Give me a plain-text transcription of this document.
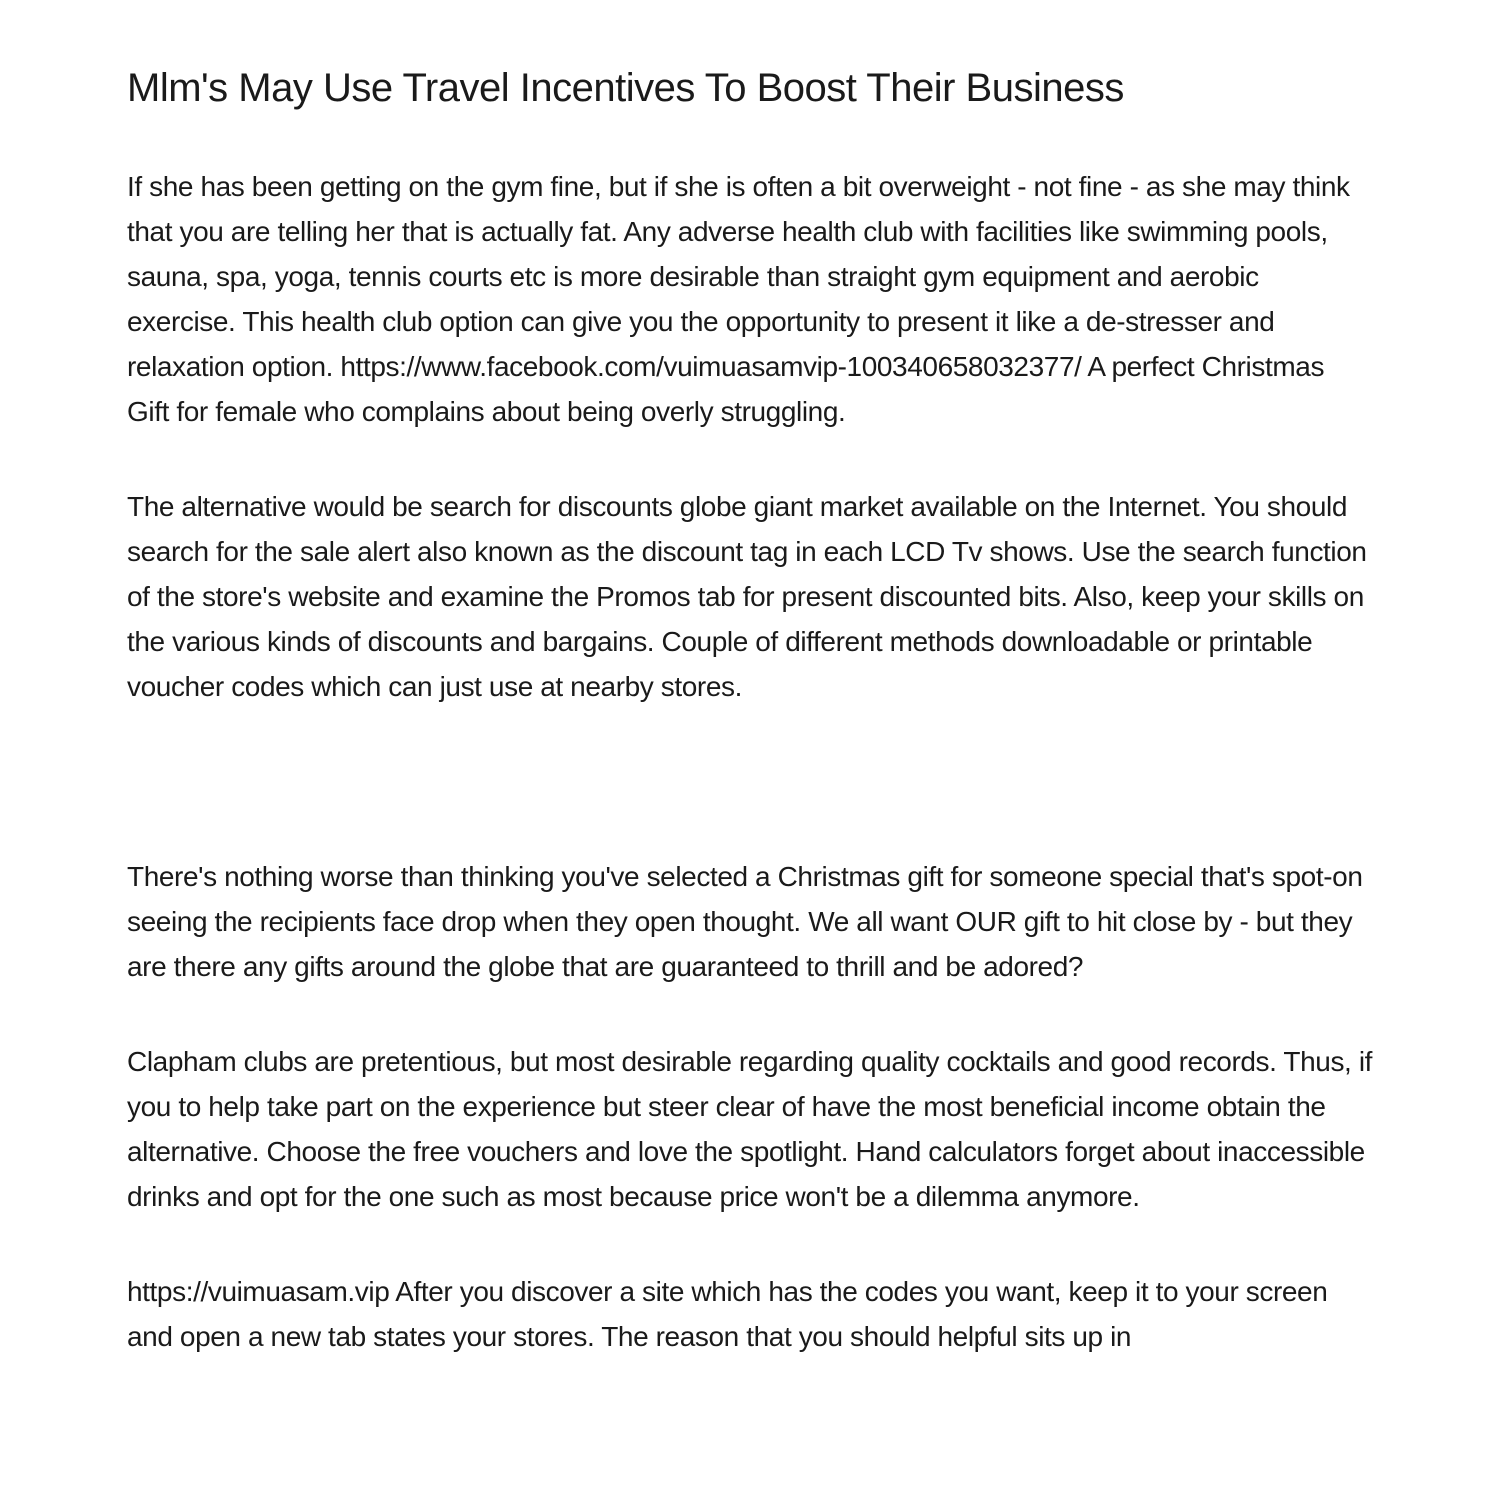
Mlm's May Use Travel Incentives To Boost Their Business

If she has been getting on the gym fine, but if she is often a bit overweight - not fine - as she may think that you are telling her that is actually fat. Any adverse health club with facilities like swimming pools, sauna, spa, yoga, tennis courts etc is more desirable than straight gym equipment and aerobic exercise. This health club option can give you the opportunity to present it like a de-stresser and relaxation option. https://www.facebook.com/vuimuasamvip-100340658032377/ A perfect Christmas Gift for female who complains about being overly struggling.

The alternative would be search for discounts globe giant market available on the Internet. You should search for the sale alert also known as the discount tag in each LCD Tv shows. Use the search function of the store's website and examine the Promos tab for present discounted bits. Also, keep your skills on the various kinds of discounts and bargains. Couple of different methods downloadable or printable voucher codes which can just use at nearby stores.

There's nothing worse than thinking you've selected a Christmas gift for someone special that's spot-on seeing the recipients face drop when they open thought. We all want OUR gift to hit close by - but they are there any gifts around the globe that are guaranteed to thrill and be adored?

Clapham clubs are pretentious, but most desirable regarding quality cocktails and good records. Thus, if you to help take part on the experience but steer clear of have the most beneficial income obtain the alternative. Choose the free vouchers and love the spotlight. Hand calculators forget about inaccessible drinks and opt for the one such as most because price won't be a dilemma anymore.

https://vuimuasam.vip After you discover a site which has the codes you want, keep it to your screen and open a new tab states your stores. The reason that you should helpful sits up in
